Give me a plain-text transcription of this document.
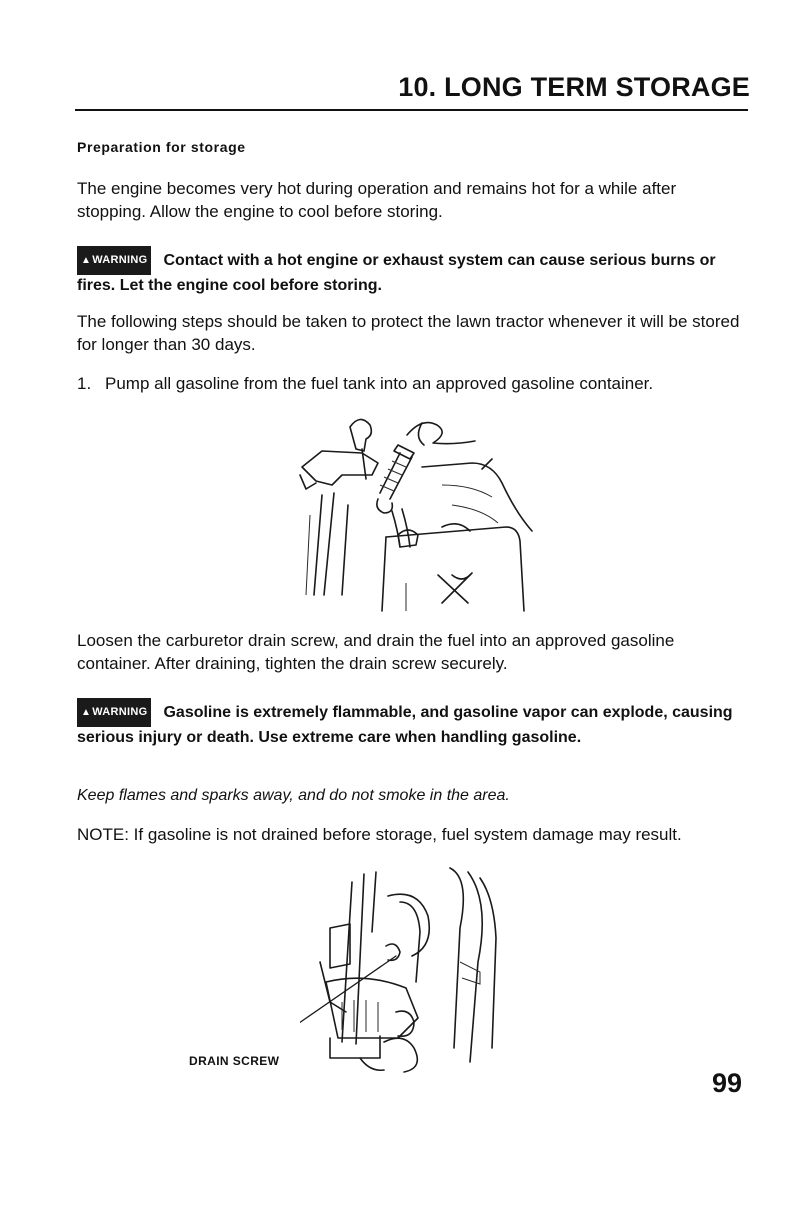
10. LONG TERM STORAGE
Preparation for storage
The engine becomes very hot during operation and remains hot for a while after stopping. Allow the engine to cool before storing.
▲WARNING Contact with a hot engine or exhaust system can cause serious burns or fires. Let the engine cool before storing.
The following steps should be taken to protect the lawn tractor whenever it will be stored for longer than 30 days.
1. Pump all gasoline from the fuel tank into an approved gasoline container.
Loosen the carburetor drain screw, and drain the fuel into an approved gasoline container. After draining, tighten the drain screw securely.
▲WARNING Gasoline is extremely flammable, and gasoline vapor can explode, causing serious injury or death. Use extreme care when handling gasoline.
Keep flames and sparks away, and do not smoke in the area.
NOTE: If gasoline is not drained before storage, fuel system damage may result.
DRAIN SCREW
99
